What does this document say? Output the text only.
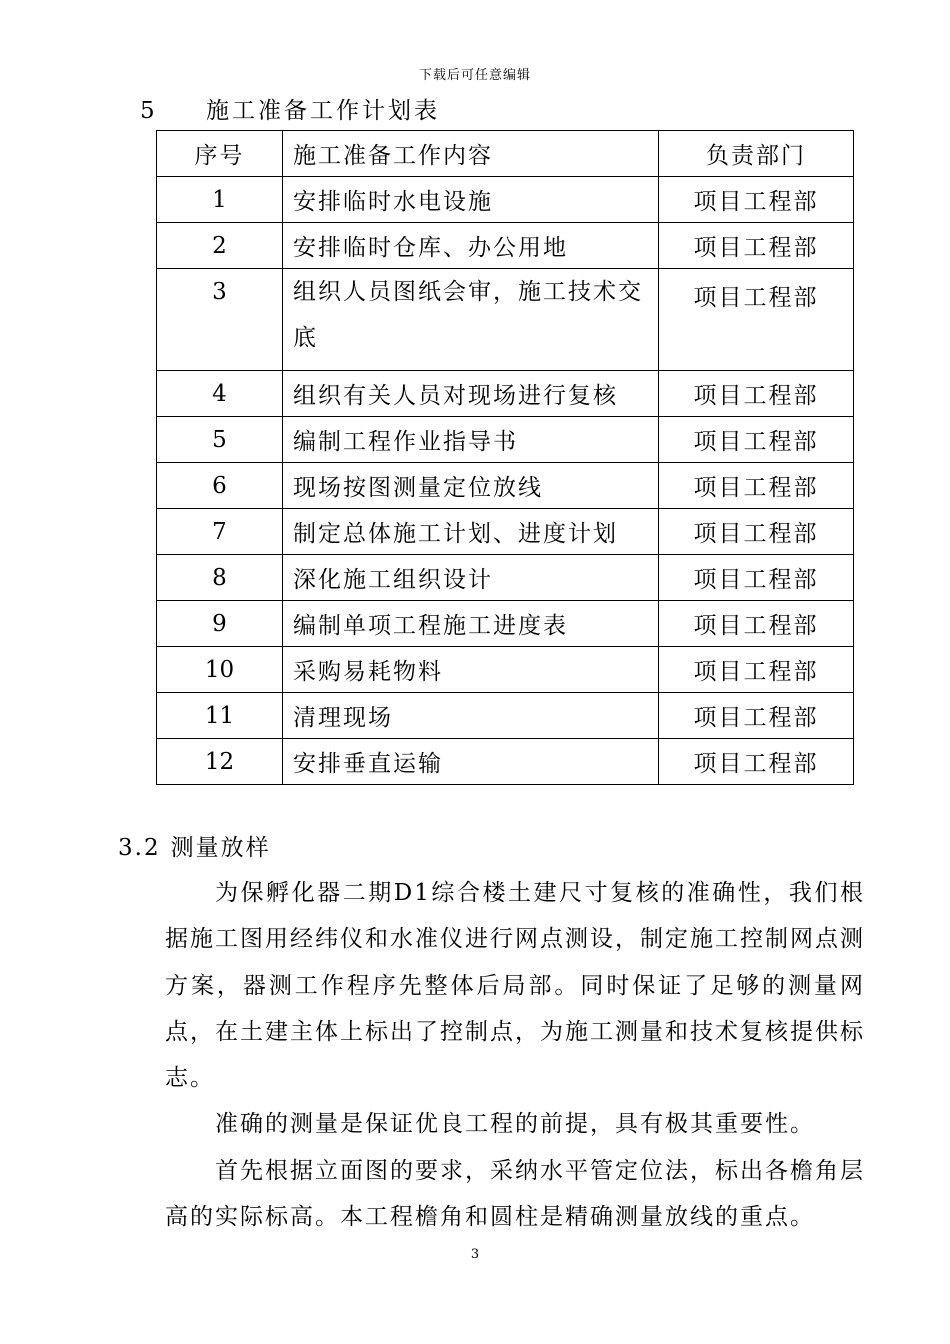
下载后可任意编辑
5 施工准备工作计划表
序号	施工准备工作内容	负责部门
1	安排临时水电设施	项目工程部
2	安排临时仓库、办公用地	项目工程部
3	组织人员图纸会审，施工技术交底	项目工程部
4	组织有关人员对现场进行复核	项目工程部
5	编制工程作业指导书	项目工程部
6	现场按图测量定位放线	项目工程部
7	制定总体施工计划、进度计划	项目工程部
8	深化施工组织设计	项目工程部
9	编制单项工程施工进度表	项目工程部
10	采购易耗物料	项目工程部
11	清理现场	项目工程部
12	安排垂直运输	项目工程部
3.2 测量放样

为保孵化器二期D1综合楼土建尺寸复核的准确性，我们根据施工图用经纬仪和水准仪进行网点测设，制定施工控制网点测方案，器测工作程序先整体后局部。同时保证了足够的测量网点，在土建主体上标出了控制点，为施工测量和技术复核提供标志。

准确的测量是保证优良工程的前提，具有极其重要性。

首先根据立面图的要求，采纳水平管定位法，标出各檐角层高的实际标高。本工程檐角和圆柱是精确测量放线的重点。

3
